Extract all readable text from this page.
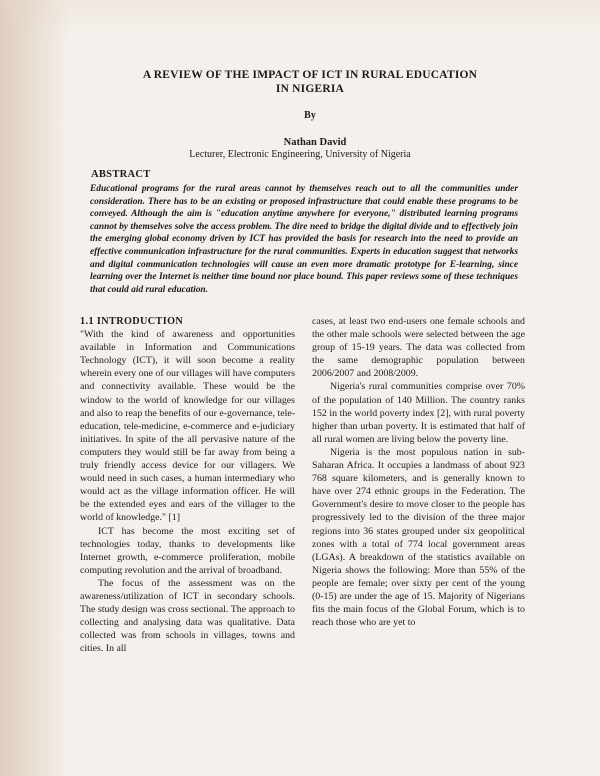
A REVIEW OF THE IMPACT OF ICT IN RURAL EDUCATION IN NIGERIA
By
Nathan David
Lecturer, Electronic Engineering, University of Nigeria
ABSTRACT

Educational programs for the rural areas cannot by themselves reach out to all the communities under consideration. There has to be an existing or proposed infrastructure that could enable these programs to be conveyed. Although the aim is "education anytime anywhere for everyone," distributed learning programs cannot by themselves solve the access problem. The dire need to bridge the digital divide and to effectively join the emerging global economy driven by ICT has provided the basis for research into the need to provide an effective communication infrastructure for the rural communities. Experts in education suggest that networks and digital communication technologies will cause an even more dramatic prototype for E-learning, since learning over the Internet is neither time bound nor place bound. This paper reviews some of these techniques that could aid rural education.

1.1 INTRODUCTION

"With the kind of awareness and opportunities available in Information and Communications Technology (ICT), it will soon become a reality wherein every one of our villages will have computers and connectivity available. These would be the window to the world of knowledge for our villages and also to reap the benefits of our e-governance, tele-education, tele-medicine, e-commerce and e-judiciary initiatives. In spite of the all pervasive nature of the computers they would still be far away from being a truly friendly access device for our villagers. We would need in such cases, a human intermediary who would act as the village information officer. He will be the extended eyes and ears of the villager to the world of knowledge." [1]

ICT has become the most exciting set of technologies today, thanks to developments like Internet growth, e-commerce proliferation, mobile computing revolution and the arrival of broadband.

The focus of the assessment was on the awareness/utilization of ICT in secondary schools. The study design was cross sectional. The approach to collecting and analysing data was qualitative. Data collected was from schools in villages, towns and cities. In all

cases, at least two end-users one female schools and the other male schools were selected between the age group of 15-19 years. The data was collected from the same demographic population between 2006/2007 and 2008/2009.

Nigeria's rural communities comprise over 70% of the population of 140 Million. The country ranks 152 in the world poverty index [2], with rural poverty higher than urban poverty. It is estimated that half of all rural women are living below the poverty line.

Nigeria is the most populous nation in sub-Saharan Africa. It occupies a landmass of about 923 768 square kilometers, and is generally known to have over 274 ethnic groups in the Federation. The Government's desire to move closer to the people has progressively led to the division of the three major regions into 36 states grouped under six geopolitical zones with a total of 774 local government areas (LGAs). A breakdown of the statistics available on Nigeria shows the following: More than 55% of the people are female; over sixty per cent of the young (0-15) are under the age of 15. Majority of Nigerians fits the main focus of the Global Forum, which is to reach those who are yet to
